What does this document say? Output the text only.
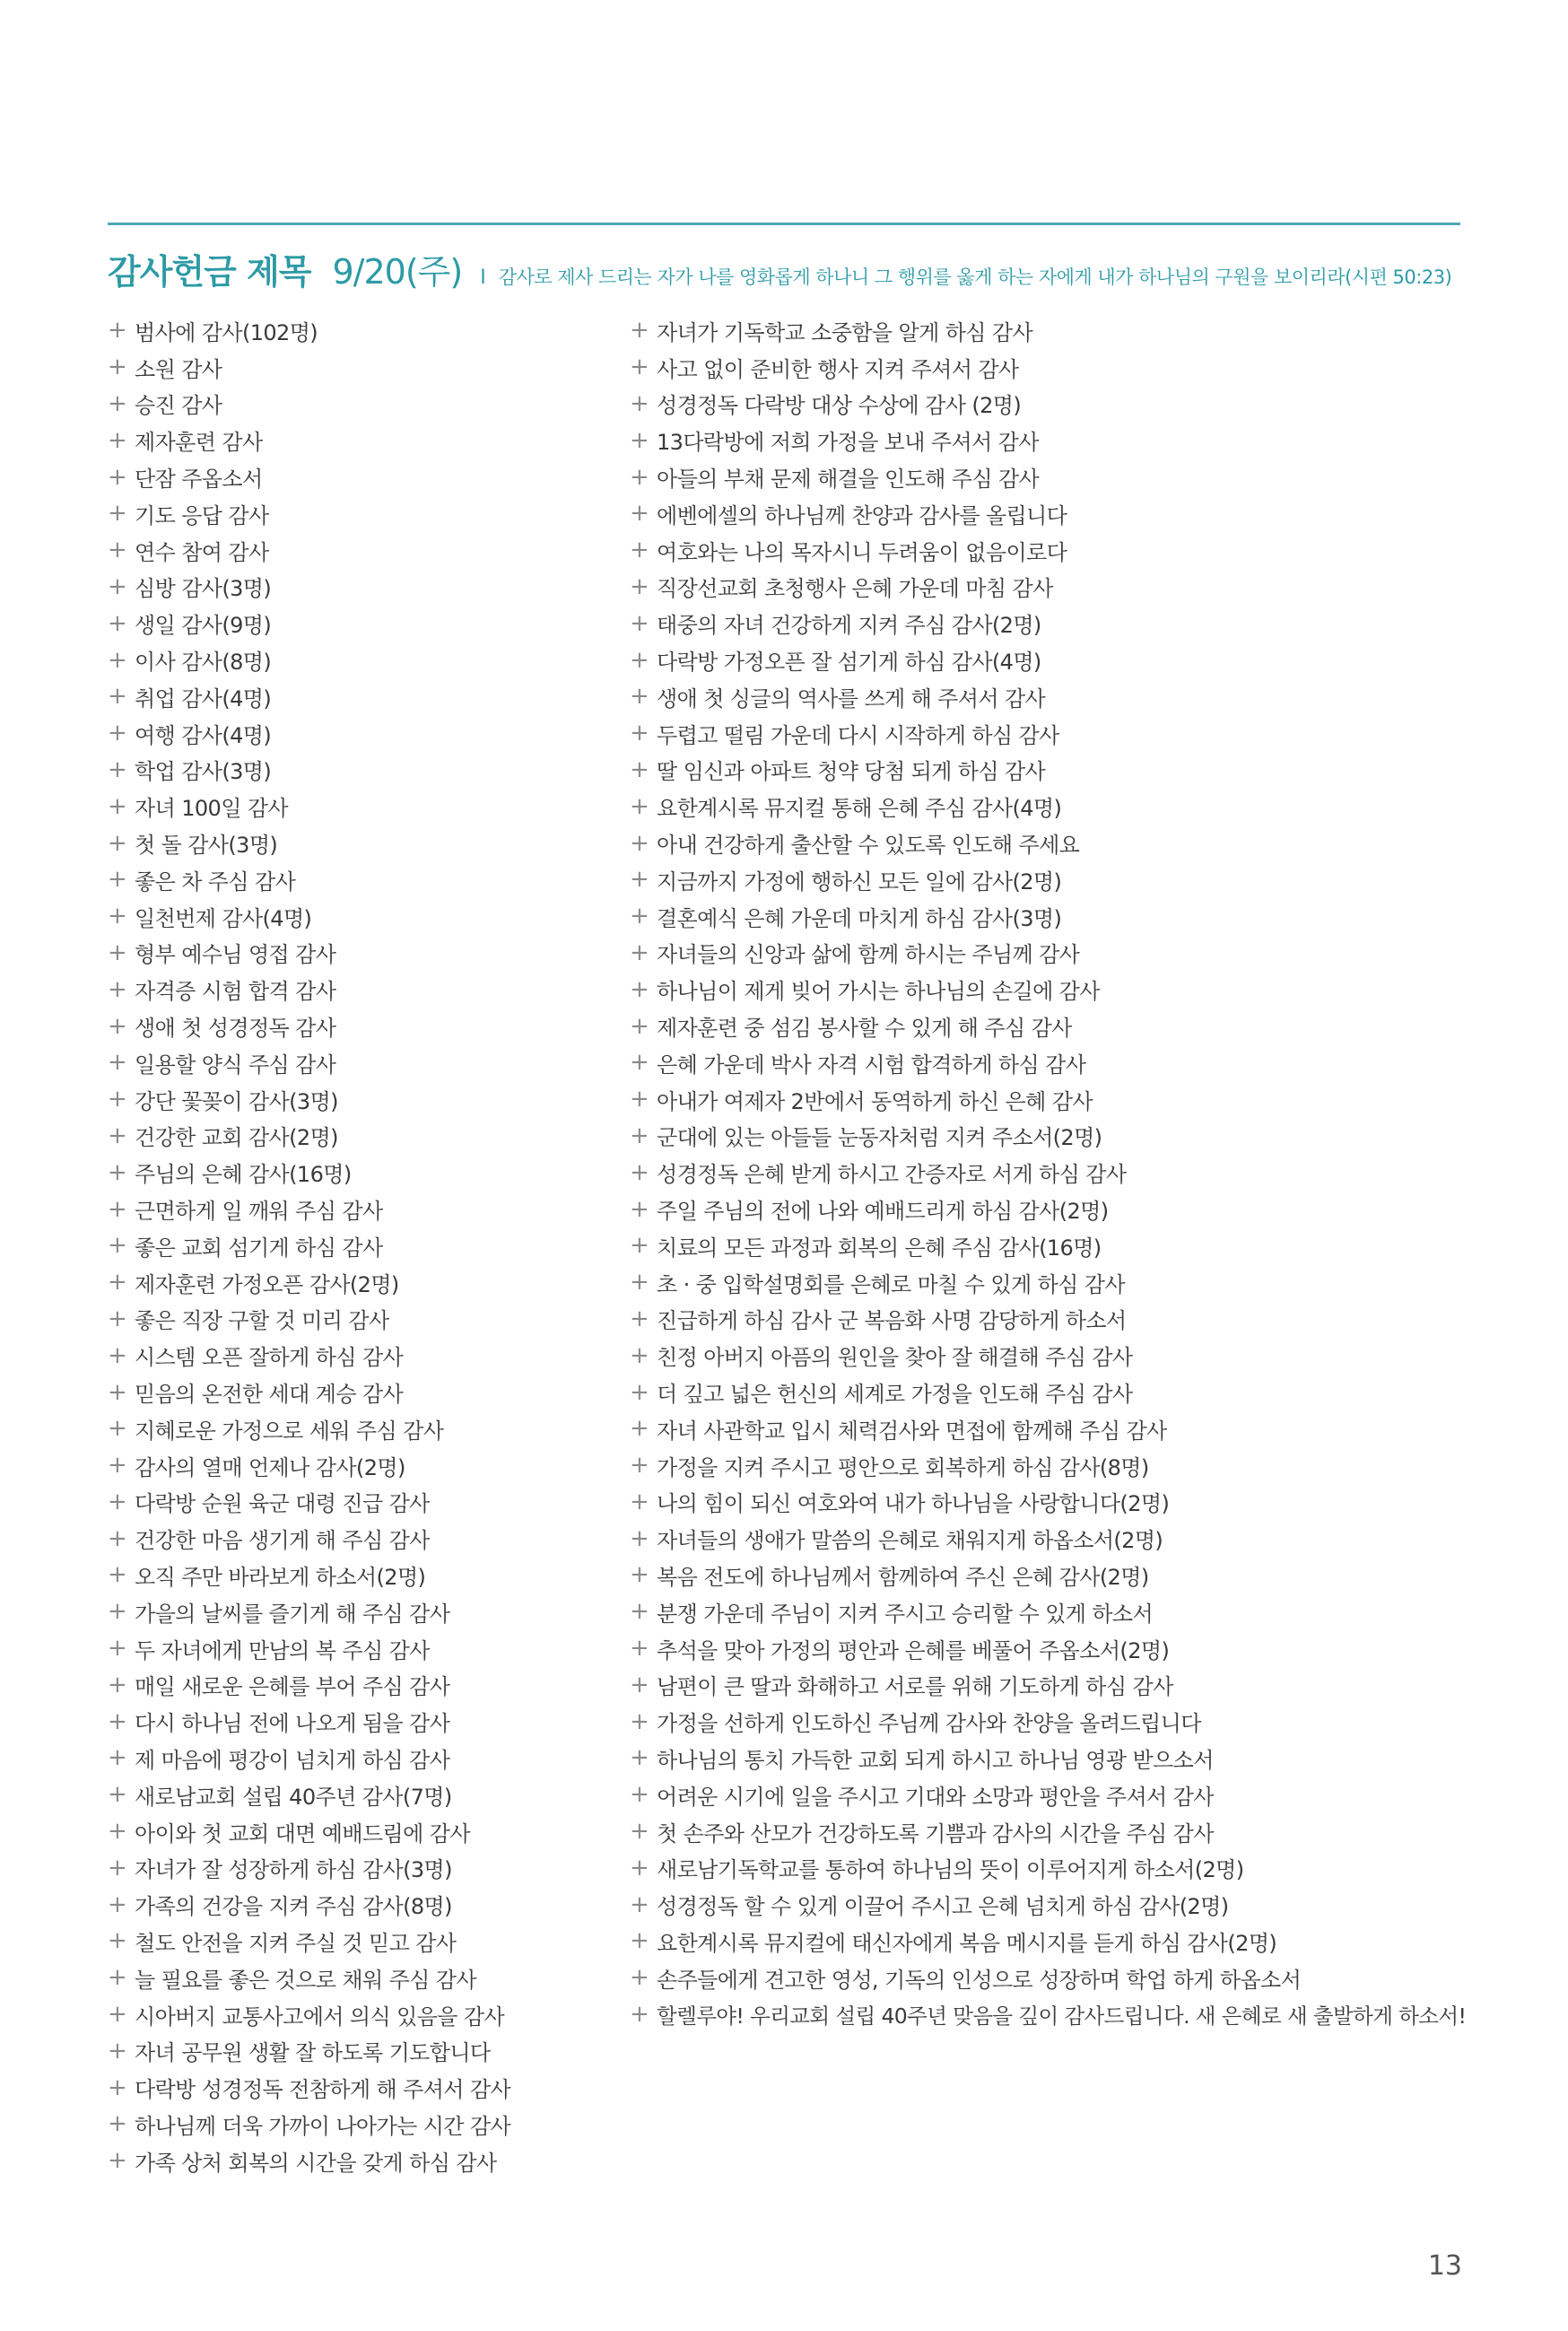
감사헌금 제목 9/20(주) I 감사로 제사 드리는 자가 나를 영화롭게 하나니 그 행위를 옳게 하는 자에게 내가 하나님의 구원을 보이리라(시편 50:23)
+ 범사에 감사(102명)
+ 소원 감사
+ 승진 감사
+ 제자훈련 감사
+ 단잠 주옵소서
+ 기도 응답 감사
+ 연수 참여 감사
+ 심방 감사(3명)
+ 생일 감사(9명)
+ 이사 감사(8명)
+ 취업 감사(4명)
+ 여행 감사(4명)
+ 학업 감사(3명)
+ 자녀 100일 감사
+ 첫 돌 감사(3명)
+ 좋은 차 주심 감사
+ 일천번제 감사(4명)
+ 형부 예수님 영접 감사
+ 자격증 시험 합격 감사
+ 생애 첫 성경정독 감사
+ 일용할 양식 주심 감사
+ 강단 꽃꽂이 감사(3명)
+ 건강한 교회 감사(2명)
+ 주님의 은혜 감사(16명)
+ 근면하게 일 깨워 주심 감사
+ 좋은 교회 섬기게 하심 감사
+ 제자훈련 가정오픈 감사(2명)
+ 좋은 직장 구할 것 미리 감사
+ 시스템 오픈 잘하게 하심 감사
+ 믿음의 온전한 세대 계승 감사
+ 지혜로운 가정으로 세워 주심 감사
+ 감사의 열매 언제나 감사(2명)
+ 다락방 순원 육군 대령 진급 감사
+ 건강한 마음 생기게 해 주심 감사
+ 오직 주만 바라보게 하소서(2명)
+ 가을의 날씨를 즐기게 해 주심 감사
+ 두 자녀에게 만남의 복 주심 감사
+ 매일 새로운 은혜를 부어 주심 감사
+ 다시 하나님 전에 나오게 됨을 감사
+ 제 마음에 평강이 넘치게 하심 감사
+ 새로남교회 설립 40주년 감사(7명)
+ 아이와 첫 교회 대면 예배드림에 감사
+ 자녀가 잘 성장하게 하심 감사(3명)
+ 가족의 건강을 지켜 주심 감사(8명)
+ 철도 안전을 지켜 주실 것 믿고 감사
+ 늘 필요를 좋은 것으로 채워 주심 감사
+ 시아버지 교통사고에서 의식 있음을 감사
+ 자녀 공무원 생활 잘 하도록 기도합니다
+ 다락방 성경정독 전참하게 해 주셔서 감사
+ 하나님께 더욱 가까이 나아가는 시간 감사
+ 가족 상처 회복의 시간을 갖게 하심 감사
+ 자녀가 기독학교 소중함을 알게 하심 감사
+ 사고 없이 준비한 행사 지켜 주셔서 감사
+ 성경정독 다락방 대상 수상에 감사 (2명)
+ 13다락방에 저희 가정을 보내 주셔서 감사
+ 아들의 부채 문제 해결을 인도해 주심 감사
+ 에벤에셀의 하나님께 찬양과 감사를 올립니다
+ 여호와는 나의 목자시니 두려움이 없음이로다
+ 직장선교회 초청행사 은혜 가운데 마침 감사
+ 태중의 자녀 건강하게 지켜 주심 감사(2명)
+ 다락방 가정오픈 잘 섬기게 하심 감사(4명)
+ 생애 첫 싱글의 역사를 쓰게 해 주셔서 감사
+ 두렵고 떨림 가운데 다시 시작하게 하심 감사
+ 딸 임신과 아파트 청약 당첨 되게 하심 감사
+ 요한계시록 뮤지컬 통해 은혜 주심 감사(4명)
+ 아내 건강하게 출산할 수 있도록 인도해 주세요
+ 지금까지 가정에 행하신 모든 일에 감사(2명)
+ 결혼예식 은혜 가운데 마치게 하심 감사(3명)
+ 자녀들의 신앙과 삶에 함께 하시는 주님께 감사
+ 하나님이 제게 빚어 가시는 하나님의 손길에 감사
+ 제자훈련 중 섬김 봉사할 수 있게 해 주심 감사
+ 은혜 가운데 박사 자격 시험 합격하게 하심 감사
+ 아내가 여제자 2반에서 동역하게 하신 은혜 감사
+ 군대에 있는 아들들 눈동자처럼 지켜 주소서(2명)
+ 성경정독 은혜 받게 하시고 간증자로 서게 하심 감사
+ 주일 주님의 전에 나와 예배드리게 하심 감사(2명)
+ 치료의 모든 과정과 회복의 은혜 주심 감사(16명)
+ 초 · 중 입학설명회를 은혜로 마칠 수 있게 하심 감사
+ 진급하게 하심 감사 군 복음화 사명 감당하게 하소서
+ 친정 아버지 아픔의 원인을 찾아 잘 해결해 주심 감사
+ 더 깊고 넓은 헌신의 세계로 가정을 인도해 주심 감사
+ 자녀 사관학교 입시 체력검사와 면접에 함께해 주심 감사
+ 가정을 지켜 주시고 평안으로 회복하게 하심 감사(8명)
+ 나의 힘이 되신 여호와여 내가 하나님을 사랑합니다(2명)
+ 자녀들의 생애가 말씀의 은혜로 채워지게 하옵소서(2명)
+ 복음 전도에 하나님께서 함께하여 주신 은혜 감사(2명)
+ 분쟁 가운데 주님이 지켜 주시고 승리할 수 있게 하소서
+ 추석을 맞아 가정의 평안과 은혜를 베풀어 주옵소서(2명)
+ 남편이 큰 딸과 화해하고 서로를 위해 기도하게 하심 감사
+ 가정을 선하게 인도하신 주님께 감사와 찬양을 올려드립니다
+ 하나님의 통치 가득한 교회 되게 하시고 하나님 영광 받으소서
+ 어려운 시기에 일을 주시고 기대와 소망과 평안을 주셔서 감사
+ 첫 손주와 산모가 건강하도록 기쁨과 감사의 시간을 주심 감사
+ 새로남기독학교를 통하여 하나님의 뜻이 이루어지게 하소서(2명)
+ 성경정독 할 수 있게 이끌어 주시고 은혜 넘치게 하심 감사(2명)
+ 요한계시록 뮤지컬에 태신자에게 복음 메시지를 듣게 하심 감사(2명)
+ 손주들에게 견고한 영성, 기독의 인성으로 성장하며 학업 하게 하옵소서
+ 할렐루야! 우리교회 설립 40주년 맞음을 깊이 감사드립니다. 새 은혜로 새 출발하게 하소서!
13
